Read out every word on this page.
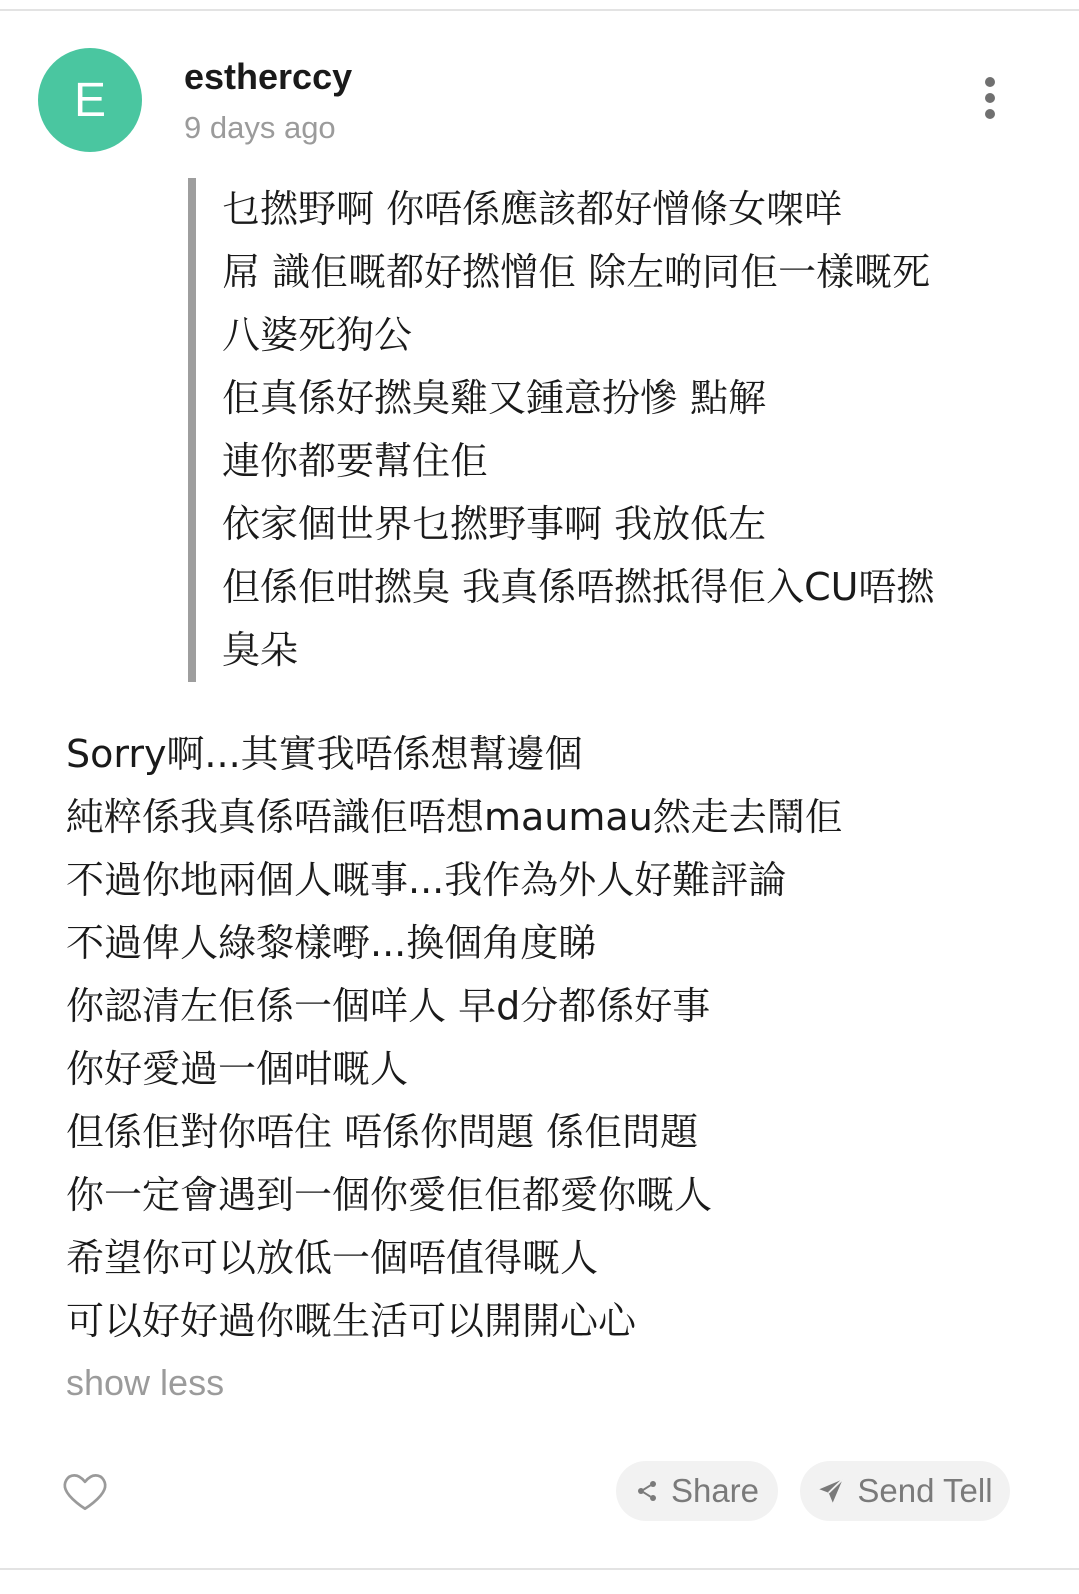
E estherccy
9 days ago
乜撚野啊 你唔係應該都好憎條女㗎咩
屌 識佢嘅都好撚憎佢 除左啲同佢一樣嘅死
八婆死狗公
佢真係好撚臭雞又鍾意扮慘 點解
連你都要幫住佢
依家個世界乜撚野事啊 我放低左
但係佢咁撚臭 我真係唔撚抵得佢入CU唔撚
臭朵
Sorry啊...其實我唔係想幫邊個
純粹係我真係唔識佢唔想maumau然走去鬧佢
不過你地兩個人嘅事...我作為外人好難評論
不過俾人綠黎樣嘢...換個角度睇
你認清左佢係一個咩人 早d分都係好事
你好愛過一個咁嘅人
但係佢對你唔住 唔係你問題 係佢問題
你一定會遇到一個你愛佢佢都愛你嘅人
希望你可以放低一個唔值得嘅人
可以好好過你嘅生活可以開開心心
show less
Share	Send Tell
